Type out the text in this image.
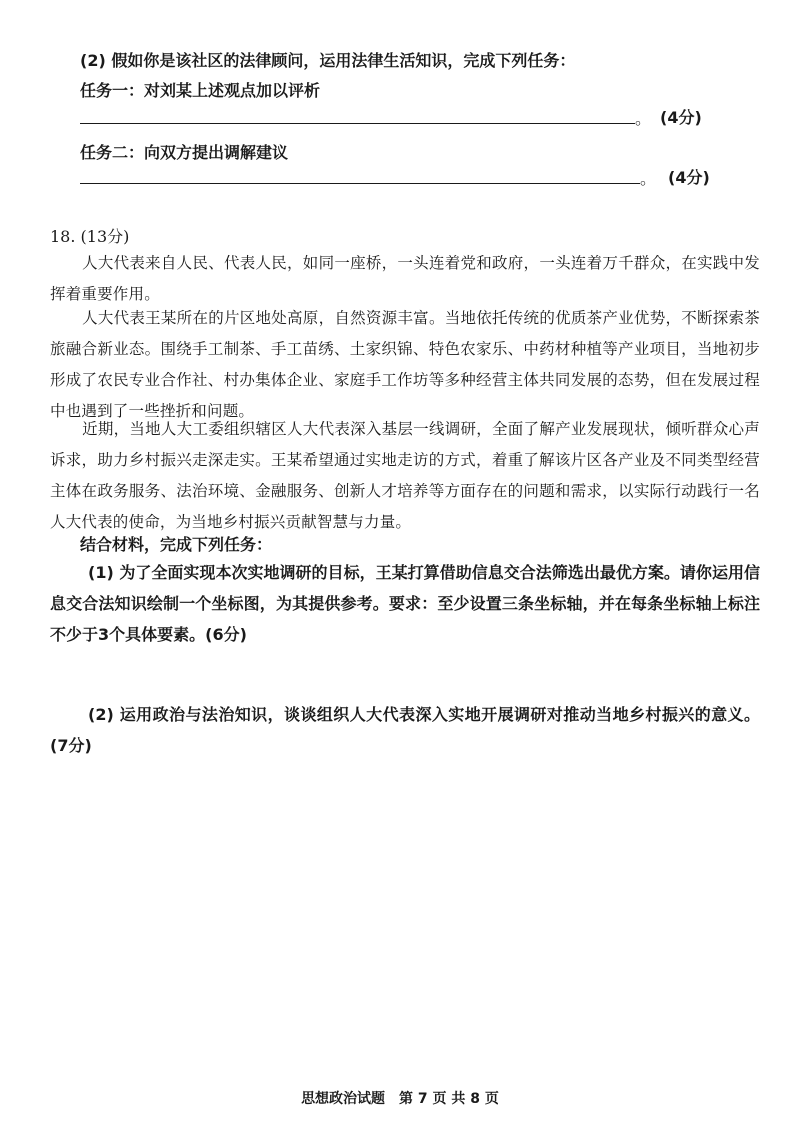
(2) 假如你是该社区的法律顾问，运用法律生活知识，完成下列任务：
任务一：对刘某上述观点加以评析
。 (4分)
任务二：向双方提出调解建议
。 (4分)
18. (13分)
人大代表来自人民、代表人民，如同一座桥，一头连着党和政府，一头连着万千群众，在实践中发挥着重要作用。
人大代表王某所在的片区地处高原，自然资源丰富。当地依托传统的优质茶产业优势，不断探索茶旅融合新业态。围绕手工制茶、手工苗绣、土家织锦、特色农家乐、中药材种植等产业项目，当地初步形成了农民专业合作社、村办集体企业、家庭手工作坊等多种经营主体共同发展的态势，但在发展过程中也遇到了一些挫折和问题。
近期，当地人大工委组织辖区人大代表深入基层一线调研，全面了解产业发展现状，倾听群众心声诉求，助力乡村振兴走深走实。王某希望通过实地走访的方式，着重了解该片区各产业及不同类型经营主体在政务服务、法治环境、金融服务、创新人才培养等方面存在的问题和需求，以实际行动践行一名人大代表的使命，为当地乡村振兴贡献智慧与力量。
结合材料，完成下列任务：
(1) 为了全面实现本次实地调研的目标，王某打算借助信息交合法筛选出最优方案。请你运用信息交合法知识绘制一个坐标图，为其提供参考。要求：至少设置三条坐标轴，并在每条坐标轴上标注不少于3个具体要素。(6分)
(2) 运用政治与法治知识，谈谈组织人大代表深入实地开展调研对推动当地乡村振兴的意义。(7分)
思想政治试题　第 7 页 共 8 页
